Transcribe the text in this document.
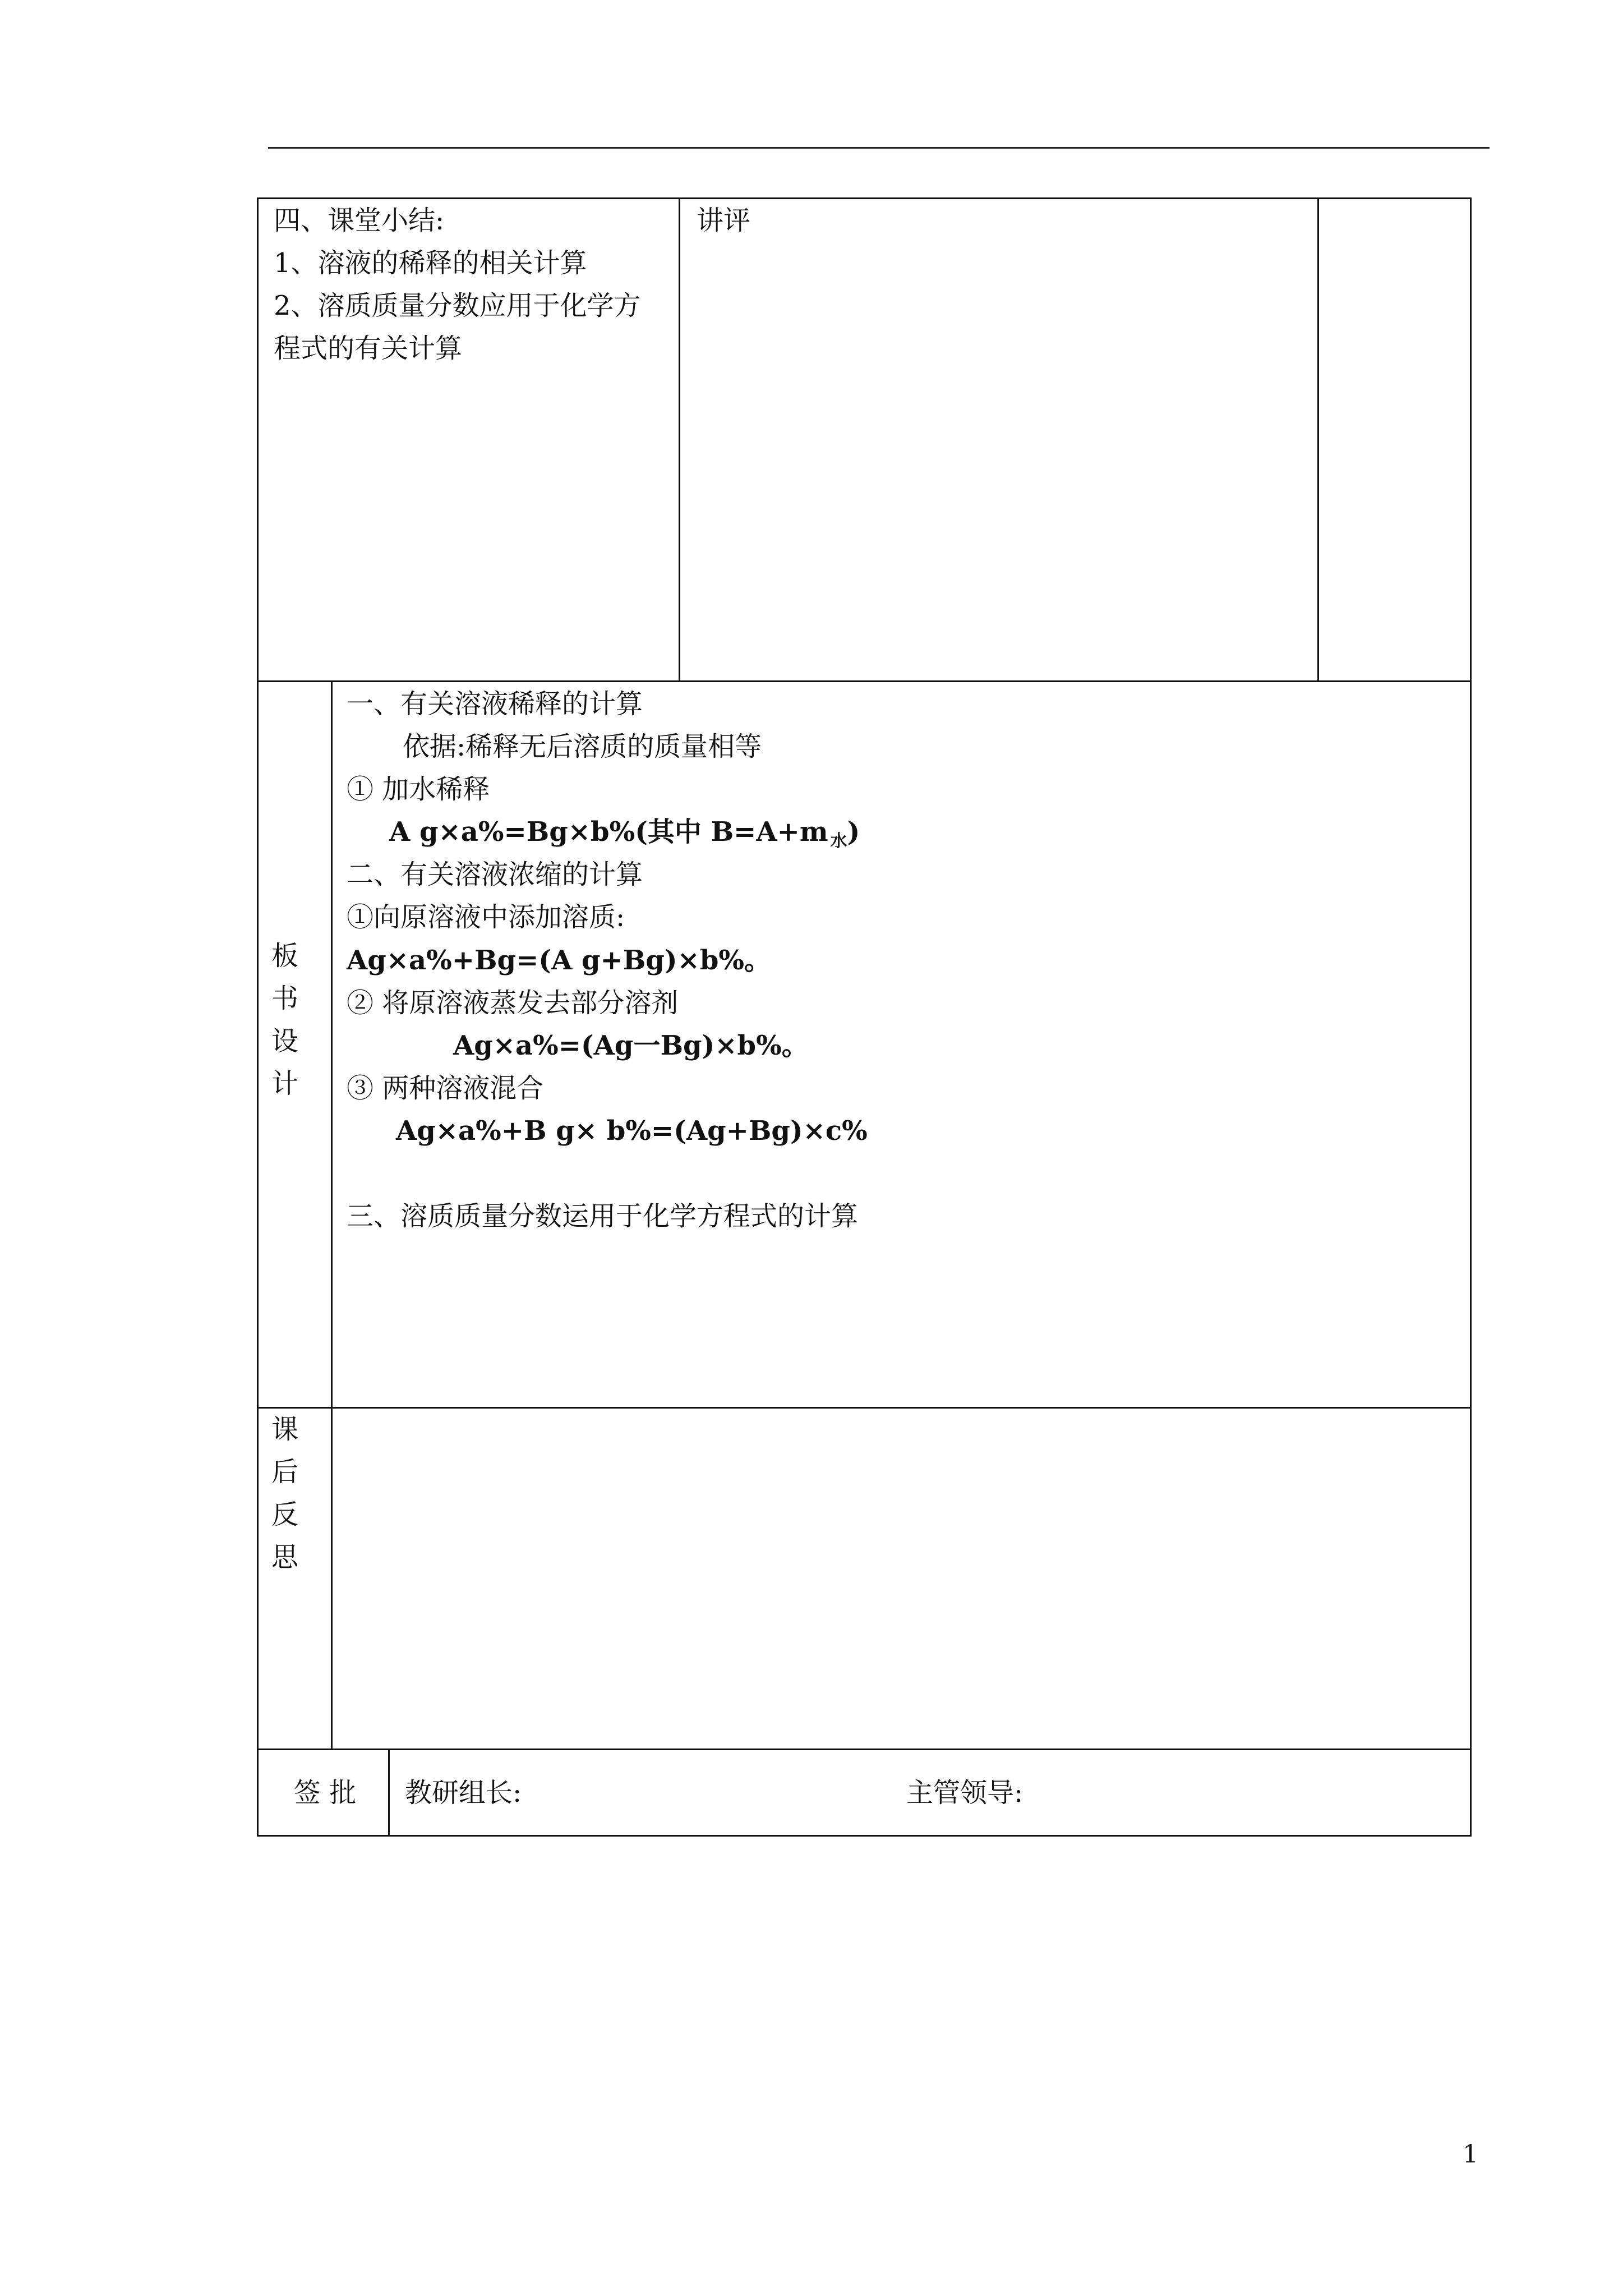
四、课堂小结:
1、溶液的稀释的相关计算
2、溶质质量分数应用于化学方
程式的有关计算
讲评
板
书
设
计
一、有关溶液稀释的计算
依据:稀释无后溶质的质量相等
① 加水稀释
A g×a%=Bg×b%(其中 B=A+m $_水$)
二、有关溶液浓缩的计算
①向原溶液中添加溶质:
Ag×a%+Bg=(A g+Bg)×b%。
② 将原溶液蒸发去部分溶剂
Ag×a%=(Ag一Bg)×b%。
③ 两种溶液混合
Ag×a%+B g× b%=(Ag+Bg)×c%
三、溶质质量分数运用于化学方程式的计算
课
后
反
思
签 批 教研组长:	主管领导:
1
